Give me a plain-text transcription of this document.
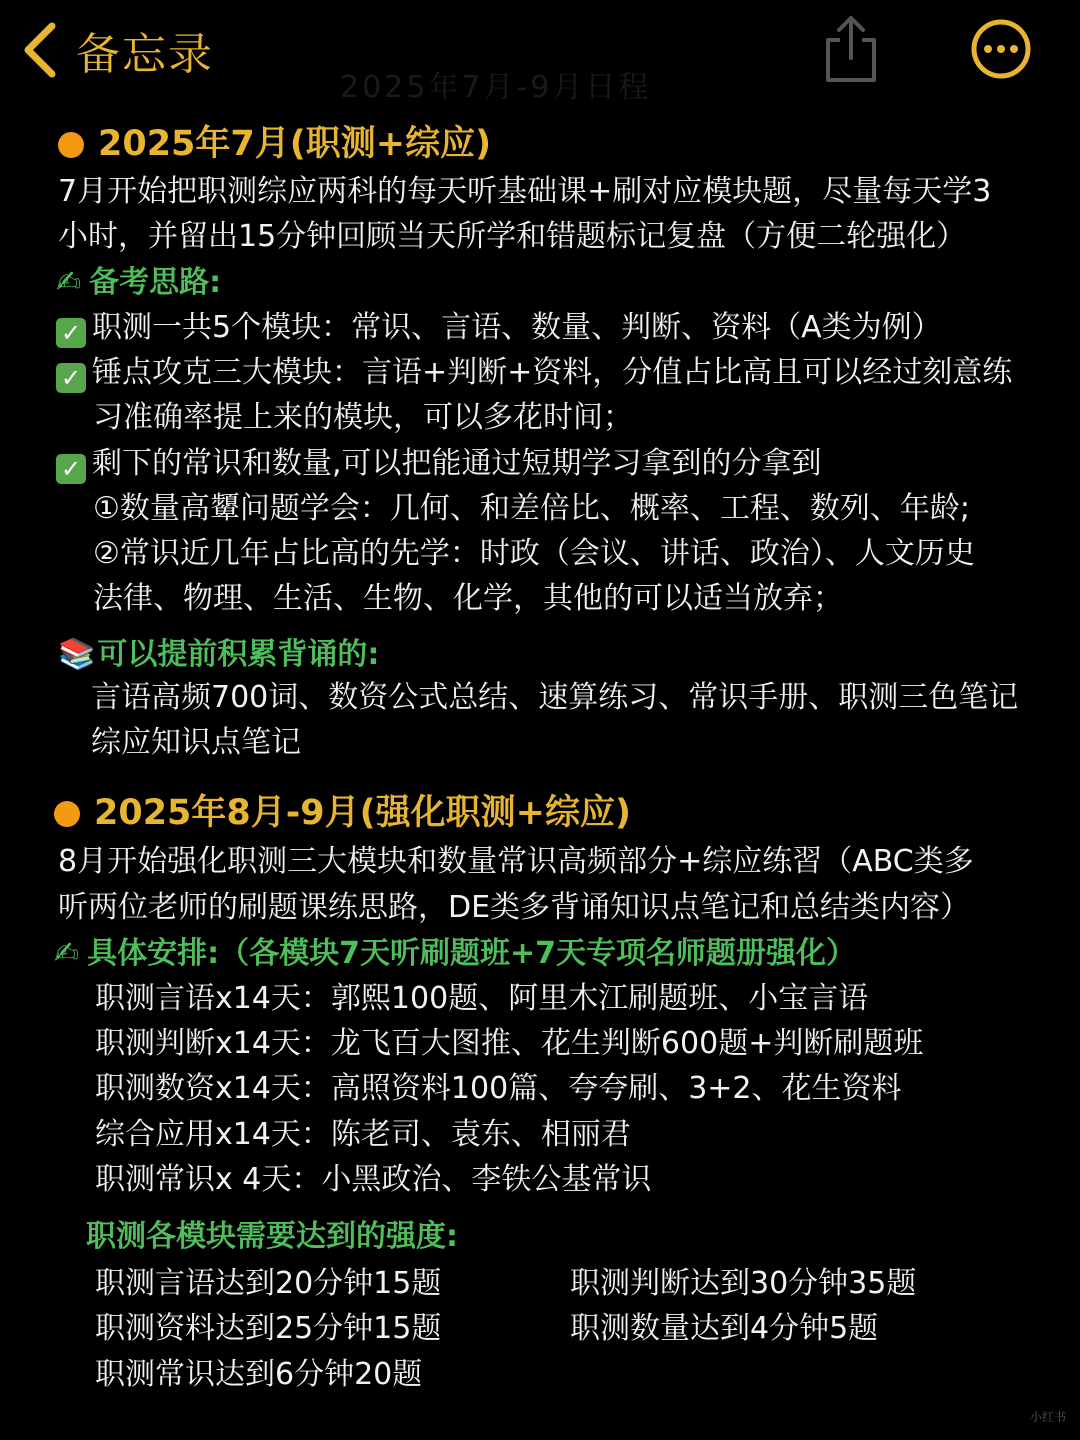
备忘录
2025年7月-9月日程
2025年7月(职测+综应)
7月开始把职测综应两科的每天听基础课+刷对应模块题，尽量每天学3
小时，并留出15分钟回顾当天所学和错题标记复盘（方便二轮强化）
✍ 备考思路:
✓ 职测一共5个模块：常识、言语、数量、判断、资料（A类为例）
✓ 锤点攻克三大模块：言语+判断+资料，分值占比高且可以经过刻意练
习准确率提上来的模块，可以多花时间；
✓ 剩下的常识和数量,可以把能通过短期学习拿到的分拿到
①数量高顰问题学会：几何、和差倍比、概率、工程、数列、年龄;
②常识近几年占比高的先学：时政（会议、讲话、政治）、人文历史
法律、物理、生活、生物、化学，其他的可以适当放弃；
📚可以提前积累背诵的:
言语高频700词、数资公式总结、速算练习、常识手册、职测三色笔记
综应知识点笔记
2025年8月-9月(强化职测+综应)
8月开始强化职测三大模块和数量常识高频部分+综应练習（ABC类多
听两位老师的刷题课练思路，DE类多背诵知识点笔记和总结类内容）
✍ 具体安排:（各模块7天听刷题班+7天专项名师题册强化）
职测言语x14天：郭熙100题、阿里木江刷题班、小宝言语
职测判断x14天：龙飞百大图推、花生判断600题+判断刷题班
职测数资x14天：高照资料100篇、夸夸刷、3+2、花生资料
综合应用x14天：陈老司、袁东、相丽君
职测常识x 4天：小黑政治、李铁公基常识
职测各模块需要达到的强度:
职测言语达到20分钟15题	职测判断达到30分钟35题
职测资料达到25分钟15题	职测数量达到4分钟5题
职测常识达到6分钟20题
小红书
